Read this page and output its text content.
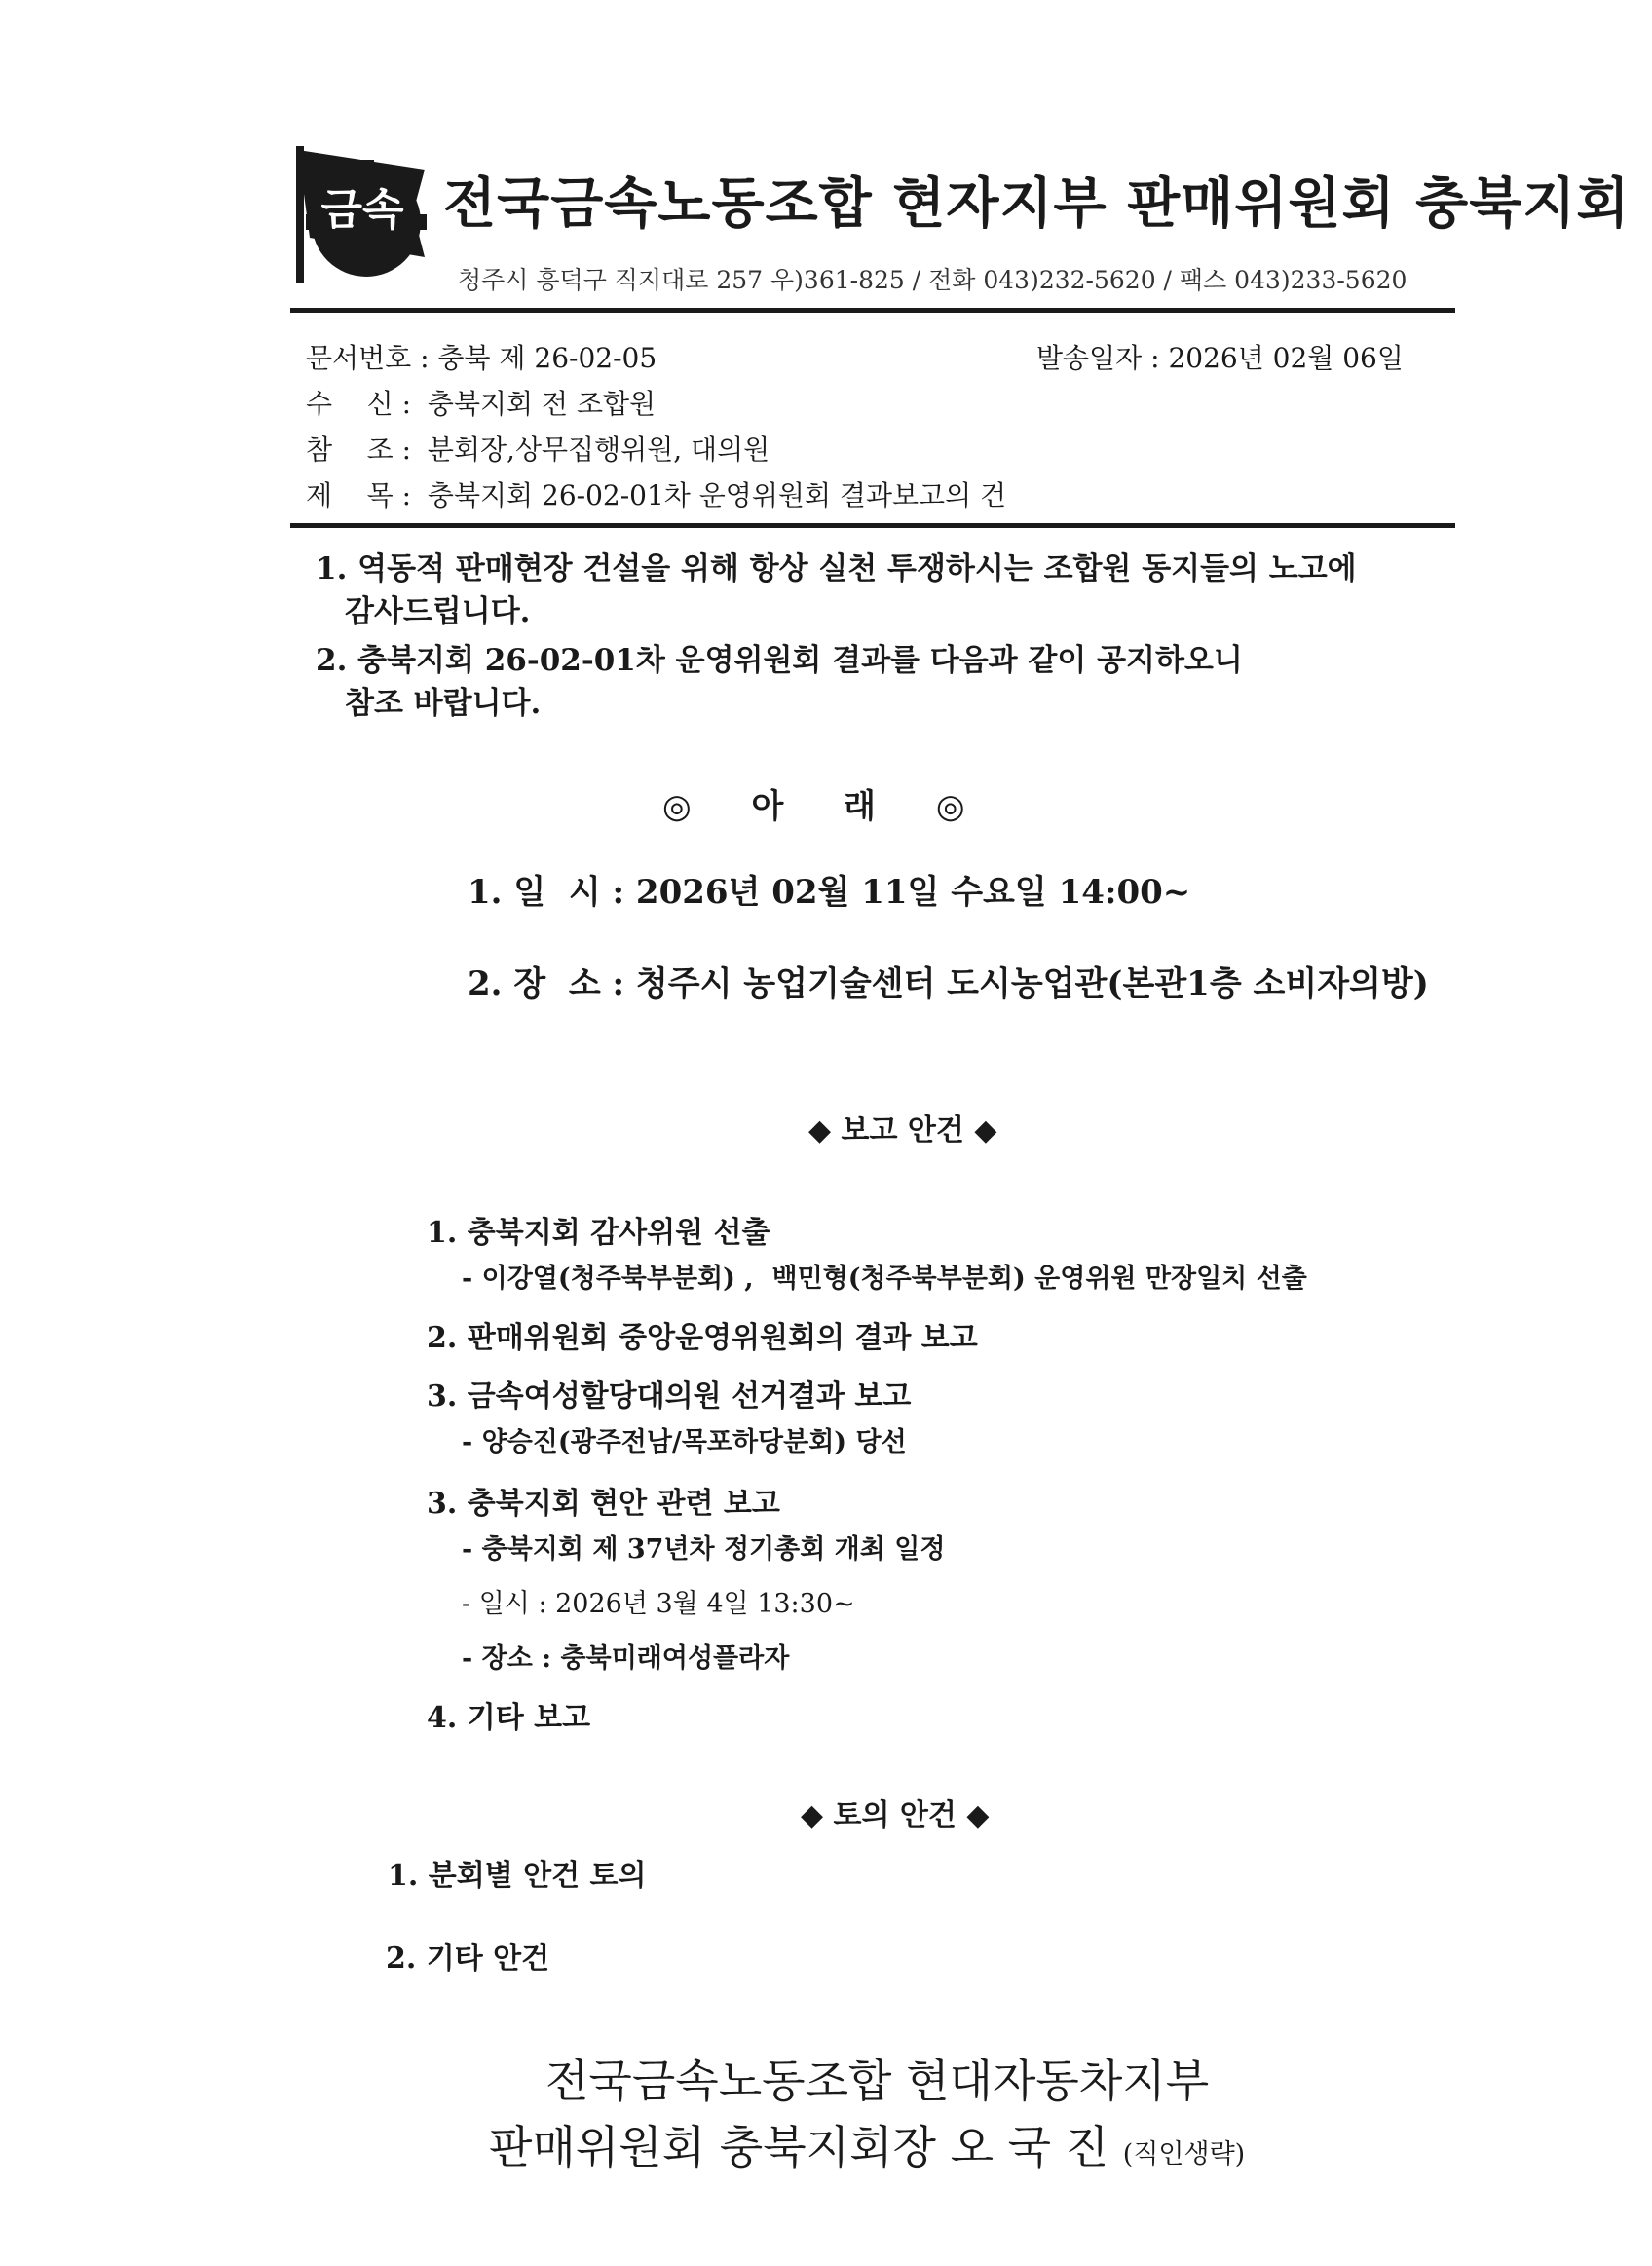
금속 전국금속노동조합 현자지부 판매위원회 충북지회
청주시 흥덕구 직지대로 257 우)361-825 / 전화 043)232-5620 / 팩스 043)233-5620
문서번호 : 충북 제 26-02-05	발송일자 : 2026년 02월 06일
수    신 : 충북지회 전 조합원
참    조 : 분회장,상무집행위원, 대의원
제    목 : 충북지회 26-02-01차 운영위원회 결과보고의 건
1. 역동적 판매현장 건설을 위해 항상 실천 투쟁하시는 조합원 동지들의 노고에
감사드립니다.
2. 충북지회 26-02-01차 운영위원회 결과를 다음과 같이 공지하오니
참조 바랍니다.
◎ 아 래 ◎
1. 일  시 : 2026년 02월 11일 수요일 14:00~
2. 장  소 : 청주시 농업기술센터 도시농업관(본관1층 소비자의방)
◆ 보고 안건 ◆
1. 충북지회 감사위원 선출
- 이강열(청주북부분회) ,  백민형(청주북부분회) 운영위원 만장일치 선출
2. 판매위원회 중앙운영위원회의 결과 보고
3. 금속여성할당대의원 선거결과 보고
- 양승진(광주전남/목포하당분회) 당선
3. 충북지회 현안 관련 보고
- 충북지회 제 37년차 정기총회 개최 일정
- 일시 : 2026년 3월 4일 13:30~
- 장소 : 충북미래여성플라자
4. 기타 보고
◆ 토의 안건 ◆
1. 분회별 안건 토의
2. 기타 안건
전국금속노동조합 현대자동차지부
판매위원회 충북지회장 오 국 진 (직인생략)
